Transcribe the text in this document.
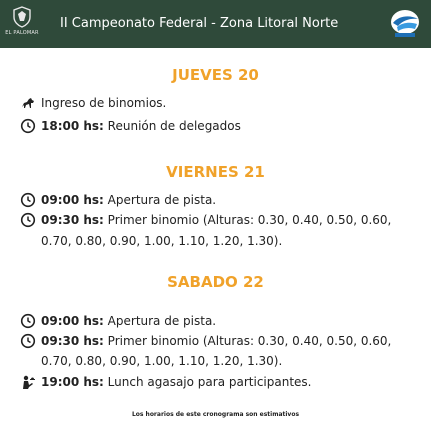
EL PALOMAR
II Campeonato Federal - Zona Litoral Norte
JUEVES 20
Ingreso de binomios.
18:00 hs: Reunión de delegados
VIERNES 21
09:00 hs: Apertura de pista.
09:30 hs: Primer binomio (Alturas: 0.30, 0.40, 0.50, 0.60,
0.70, 0.80, 0.90, 1.00, 1.10, 1.20, 1.30).
SABADO 22
09:00 hs: Apertura de pista.
09:30 hs: Primer binomio (Alturas: 0.30, 0.40, 0.50, 0.60,
0.70, 0.80, 0.90, 1.00, 1.10, 1.20, 1.30).
19:00 hs: Lunch agasajo para participantes.
Los horarios de este cronograma son estimativos
